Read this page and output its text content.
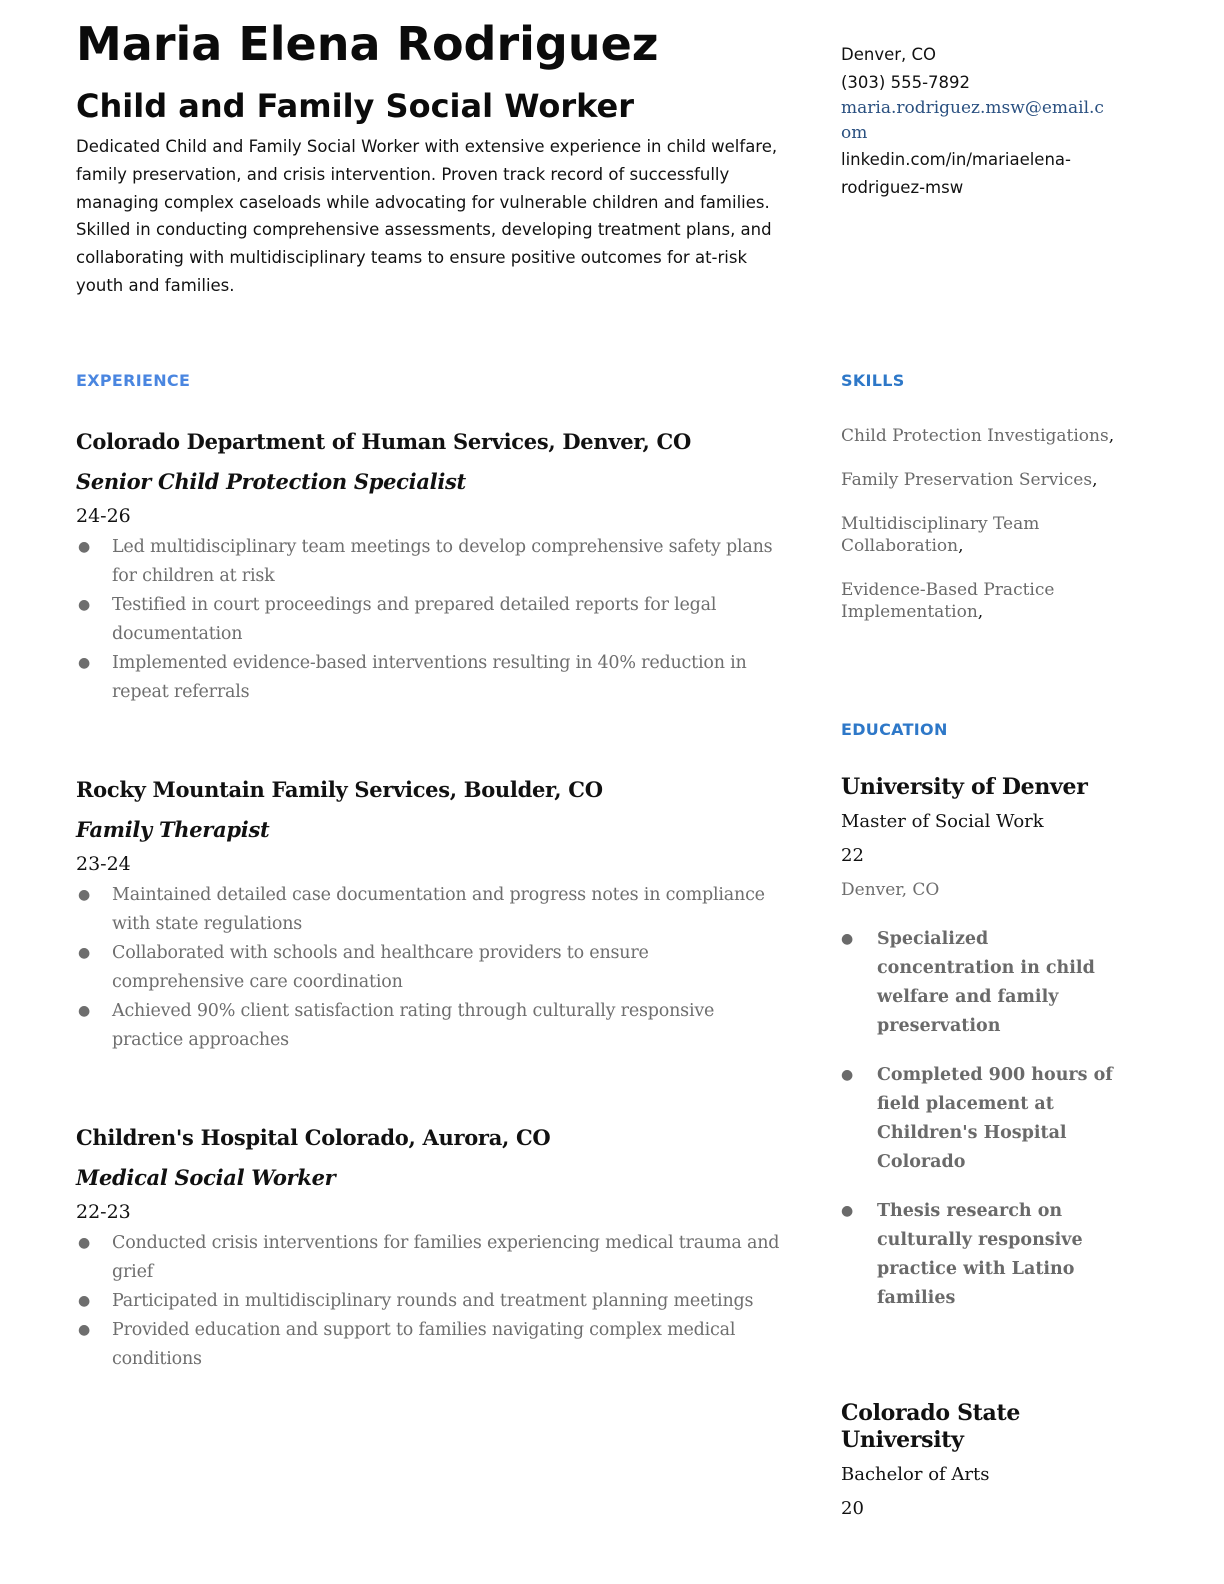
Maria Elena Rodriguez
Child and Family Social Worker

Dedicated Child and Family Social Worker with extensive experience in child welfare, family preservation, and crisis intervention. Proven track record of successfully managing complex caseloads while advocating for vulnerable children and families. Skilled in conducting comprehensive assessments, developing treatment plans, and collaborating with multidisciplinary teams to ensure positive outcomes for at-risk youth and families.

Denver, CO
(303) 555-7892
maria.rodriguez.msw@email.com
linkedin.com/in/mariaelena-rodriguez-msw
EXPERIENCE	SKILLS
EDUCATION

Colorado Department of Human Services, Denver, CO

Senior Child Protection Specialist

24-26

● Led multidisciplinary team meetings to develop comprehensive safety plans for children at risk
● Testified in court proceedings and prepared detailed reports for legal documentation
● Implemented evidence-based interventions resulting in 40% reduction in repeat referrals

Rocky Mountain Family Services, Boulder, CO

Family Therapist

23-24

● Maintained detailed case documentation and progress notes in compliance with state regulations
● Collaborated with schools and healthcare providers to ensure comprehensive care coordination
● Achieved 90% client satisfaction rating through culturally responsive practice approaches

Children's Hospital Colorado, Aurora, CO

Medical Social Worker

22-23

● Conducted crisis interventions for families experiencing medical trauma and grief
● Participated in multidisciplinary rounds and treatment planning meetings
● Provided education and support to families navigating complex medical conditions

Child Protection Investigations,

Family Preservation Services,

Multidisciplinary Team Collaboration,

Evidence-Based Practice Implementation,

University of Denver

Master of Social Work

22

Denver, CO

● Specialized concentration in child welfare and family preservation
● Completed 900 hours of field placement at Children's Hospital Colorado
● Thesis research on culturally responsive practice with Latino families

Colorado State University

Bachelor of Arts

20
